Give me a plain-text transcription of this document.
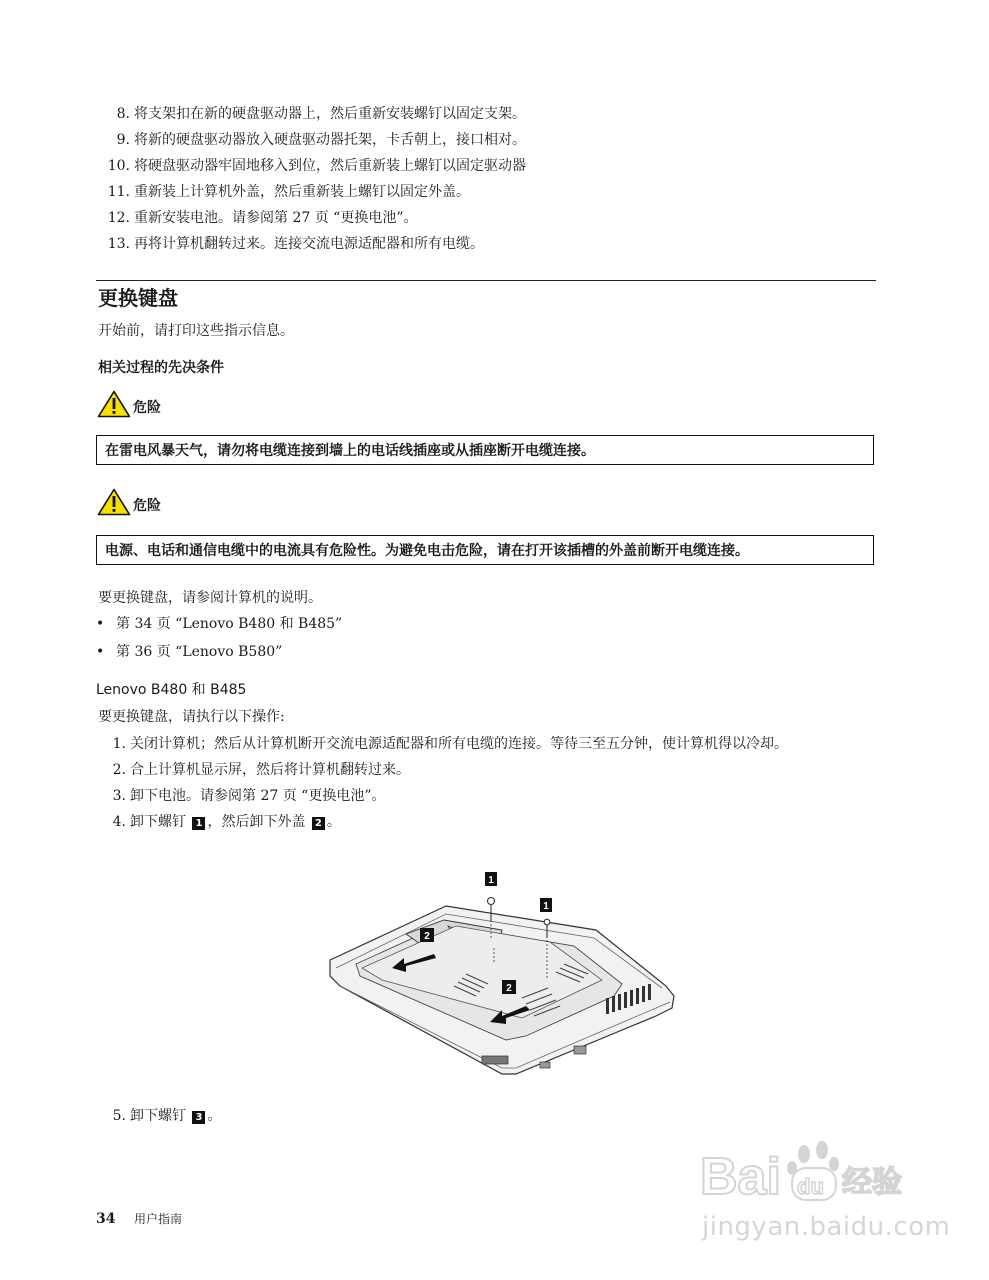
8. 将支架扣在新的硬盘驱动器上，然后重新安装螺钉以固定支架。
9. 将新的硬盘驱动器放入硬盘驱动器托架，卡舌朝上，接口相对。
10. 将硬盘驱动器牢固地移入到位，然后重新装上螺钉以固定驱动器
11. 重新装上计算机外盖，然后重新装上螺钉以固定外盖。
12. 重新安装电池。请参阅第 27 页 “更换电池”。
13. 再将计算机翻转过来。连接交流电源适配器和所有电缆。
更换键盘
开始前，请打印这些指示信息。
相关过程的先决条件
危险
在雷电风暴天气，请勿将电缆连接到墙上的电话线插座或从插座断开电缆连接。
危险
电源、电话和通信电缆中的电流具有危险性。为避免电击危险，请在打开该插槽的外盖前断开电缆连接。
要更换键盘，请参阅计算机的说明。
• 第 34 页 “Lenovo B480 和 B485”
• 第 36 页 “Lenovo B580”
Lenovo B480 和 B485
要更换键盘，请执行以下操作:
1. 关闭计算机；然后从计算机断开交流电源适配器和所有电缆的连接。等待三至五分钟，使计算机得以冷却。
2. 合上计算机显示屏，然后将计算机翻转过来。
3. 卸下电池。请参阅第 27 页 “更换电池”。
4. 卸下螺钉 1 ，然后卸下外盖 2 。
1
1
2
2
5. 卸下螺钉 3 。
Bai du 经验
jingyan.baidu.com
34 用户指南
